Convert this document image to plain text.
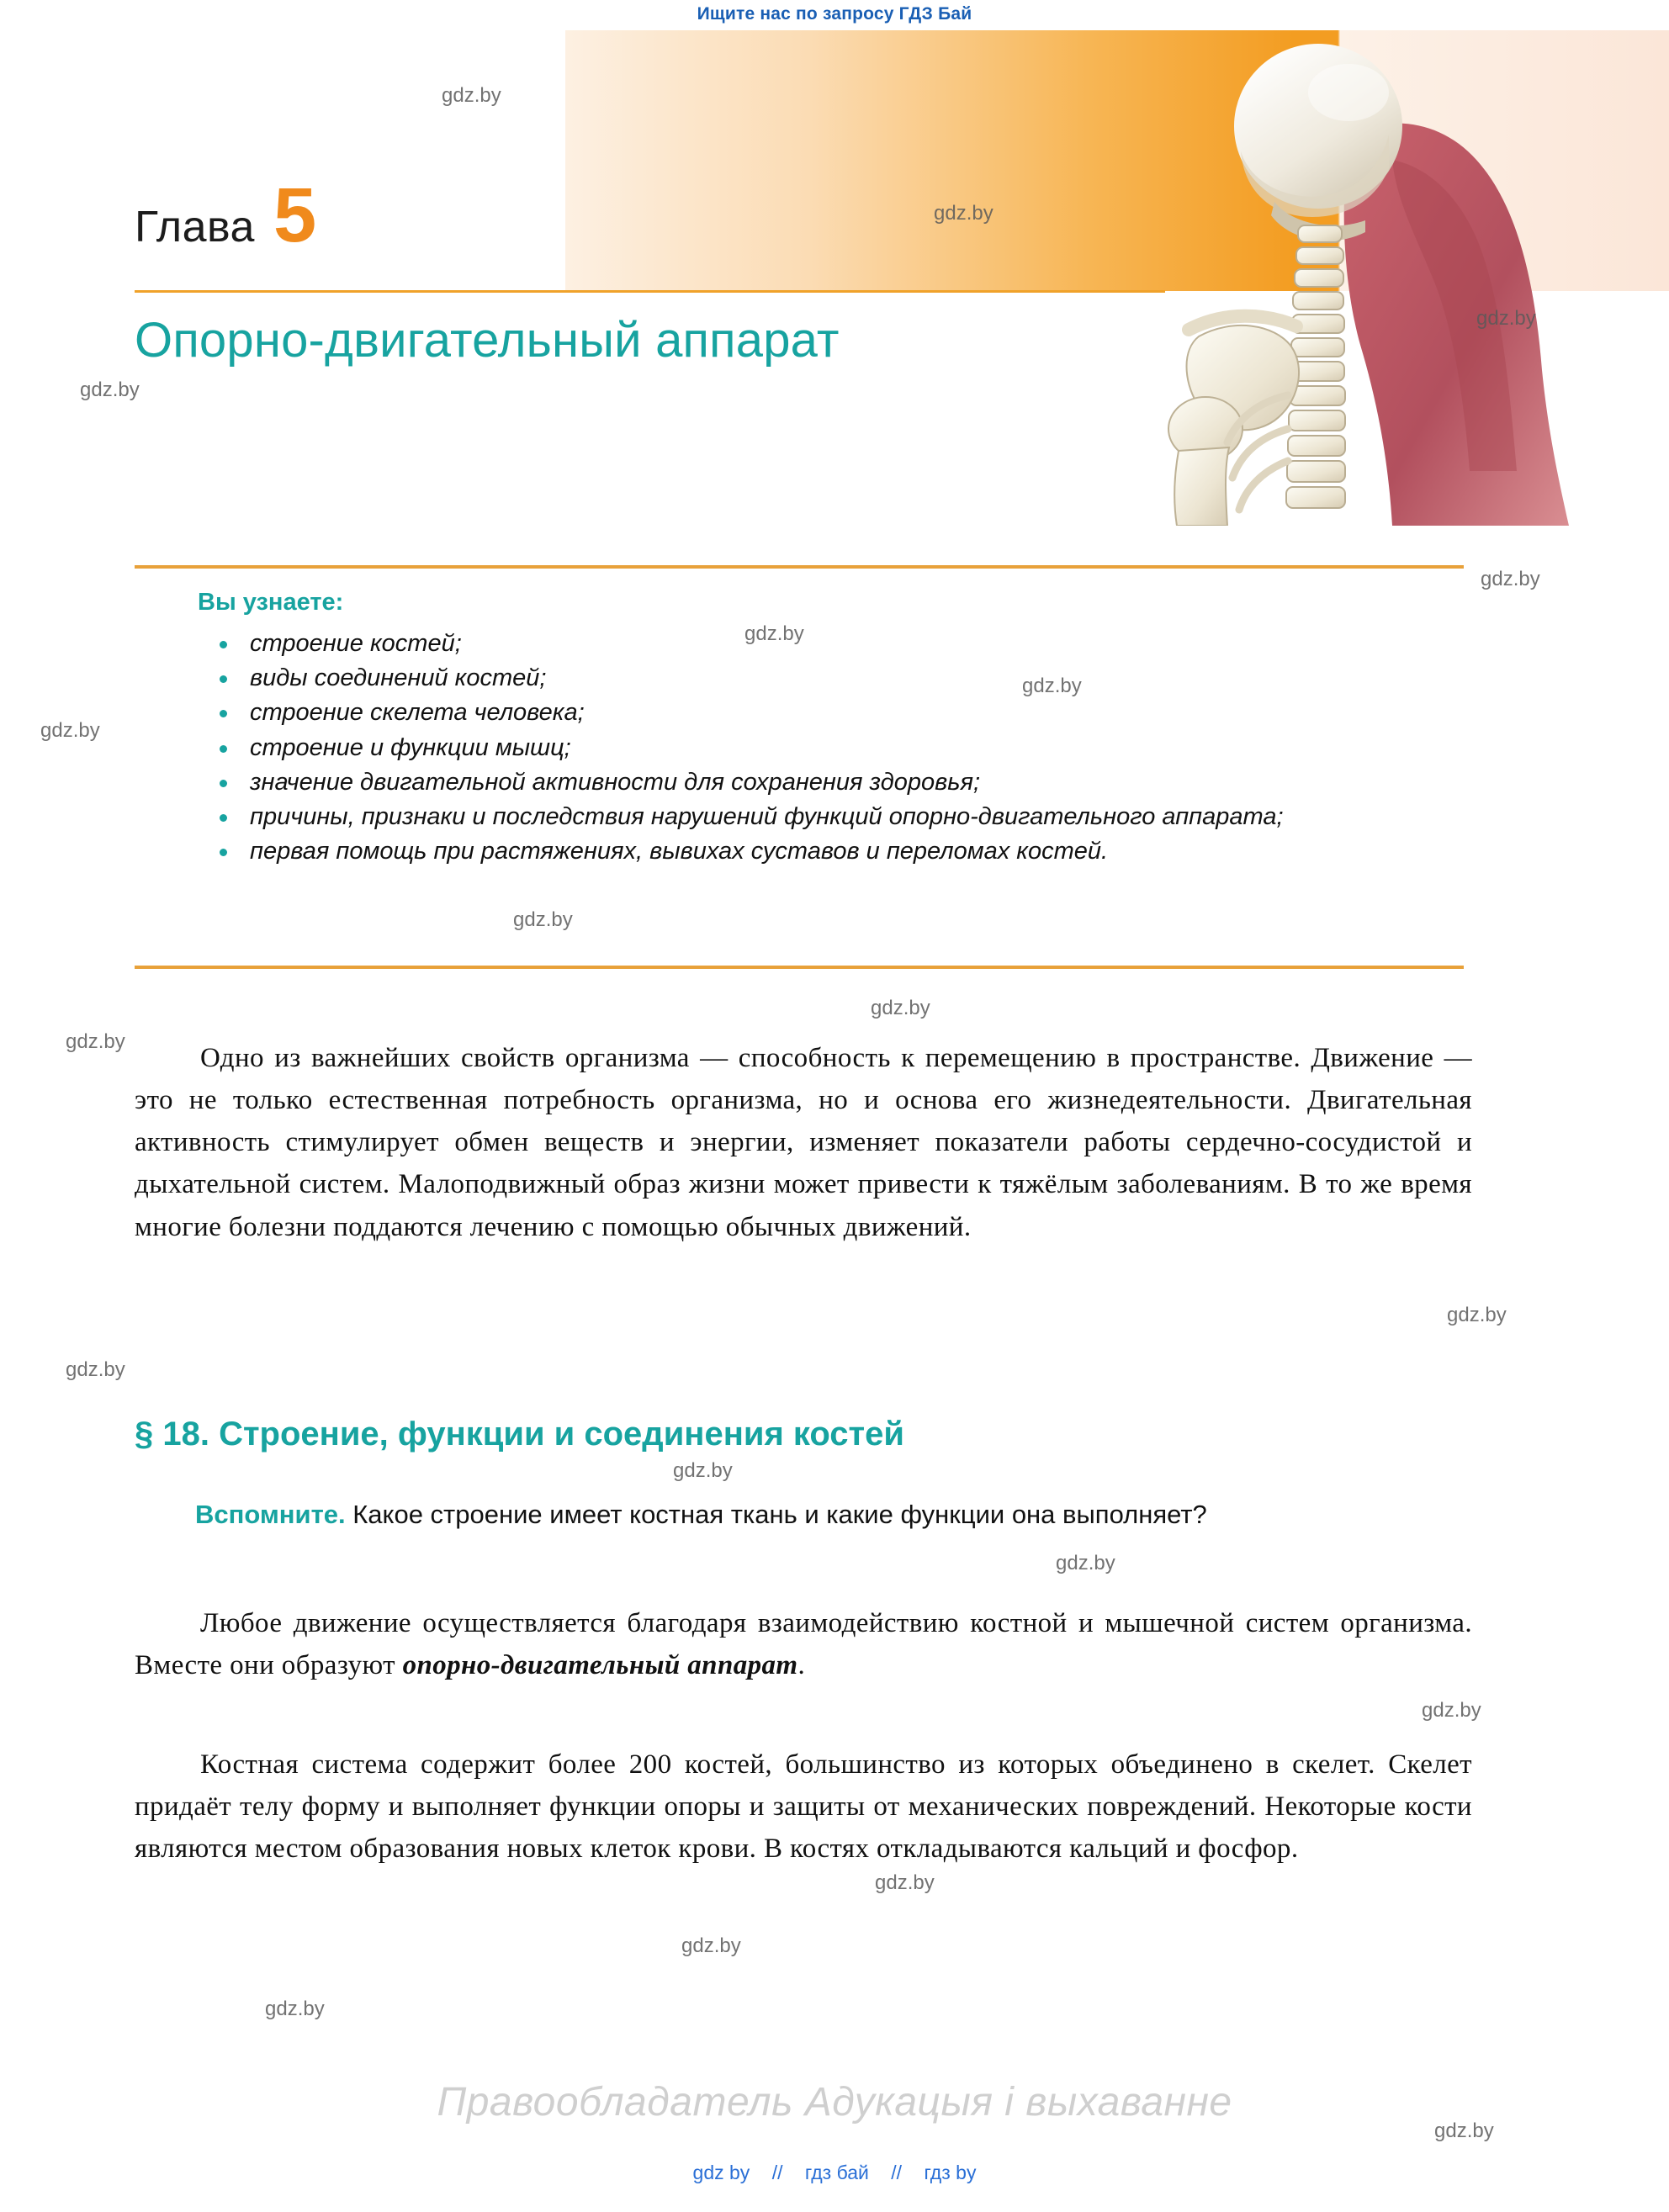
Ищите нас по запросу ГДЗ Бай
Глава 5
Опорно-двигательный аппарат
Вы узнаете:
строение костей;
виды соединений костей;
строение скелета человека;
строение и функции мышц;
значение двигательной активности для сохранения здоровья;
причины, признаки и последствия нарушений функций опорно-двигательного аппарата;
первая помощь при растяжениях, вывихах суставов и переломах костей.

Одно из важнейших свойств организма — способность к перемещению в пространстве. Движение — это не только естественная потребность организма, но и основа его жизнедеятельности. Двигательная активность стимулирует обмен веществ и энергии, изменяет показатели работы сердечно-сосудистой и дыхательной систем. Малоподвижный образ жизни может привести к тяжёлым заболеваниям. В то же время многие болезни поддаются лечению с помощью обычных движений.

§ 18. Строение, функции и соединения костей

Вспомните. Какое строение имеет костная ткань и какие функции она выполняет?

Любое движение осуществляется благодаря взаимодействию костной и мышечной систем организма. Вместе они образуют опорно-двигательный аппарат.

Костная система содержит более 200 костей, большинство из которых объединено в скелет. Скелет придаёт телу форму и выполняет функции опоры и защиты от механических повреждений. Некоторые кости являются местом образования новых клеток крови. В костях откладываются кальций и фосфор.

Правообладатель Адукацыя і выхаванне
gdz by // гдз бай // гдз by
gdz.by
gdz.by
gdz.by
gdz.by
gdz.by
gdz.by
gdz.by
gdz.by
gdz.by
gdz.by
gdz.by
gdz.by
gdz.by
gdz.by
gdz.by
gdz.by
gdz.by
gdz.by
gdz.by
gdz.by
